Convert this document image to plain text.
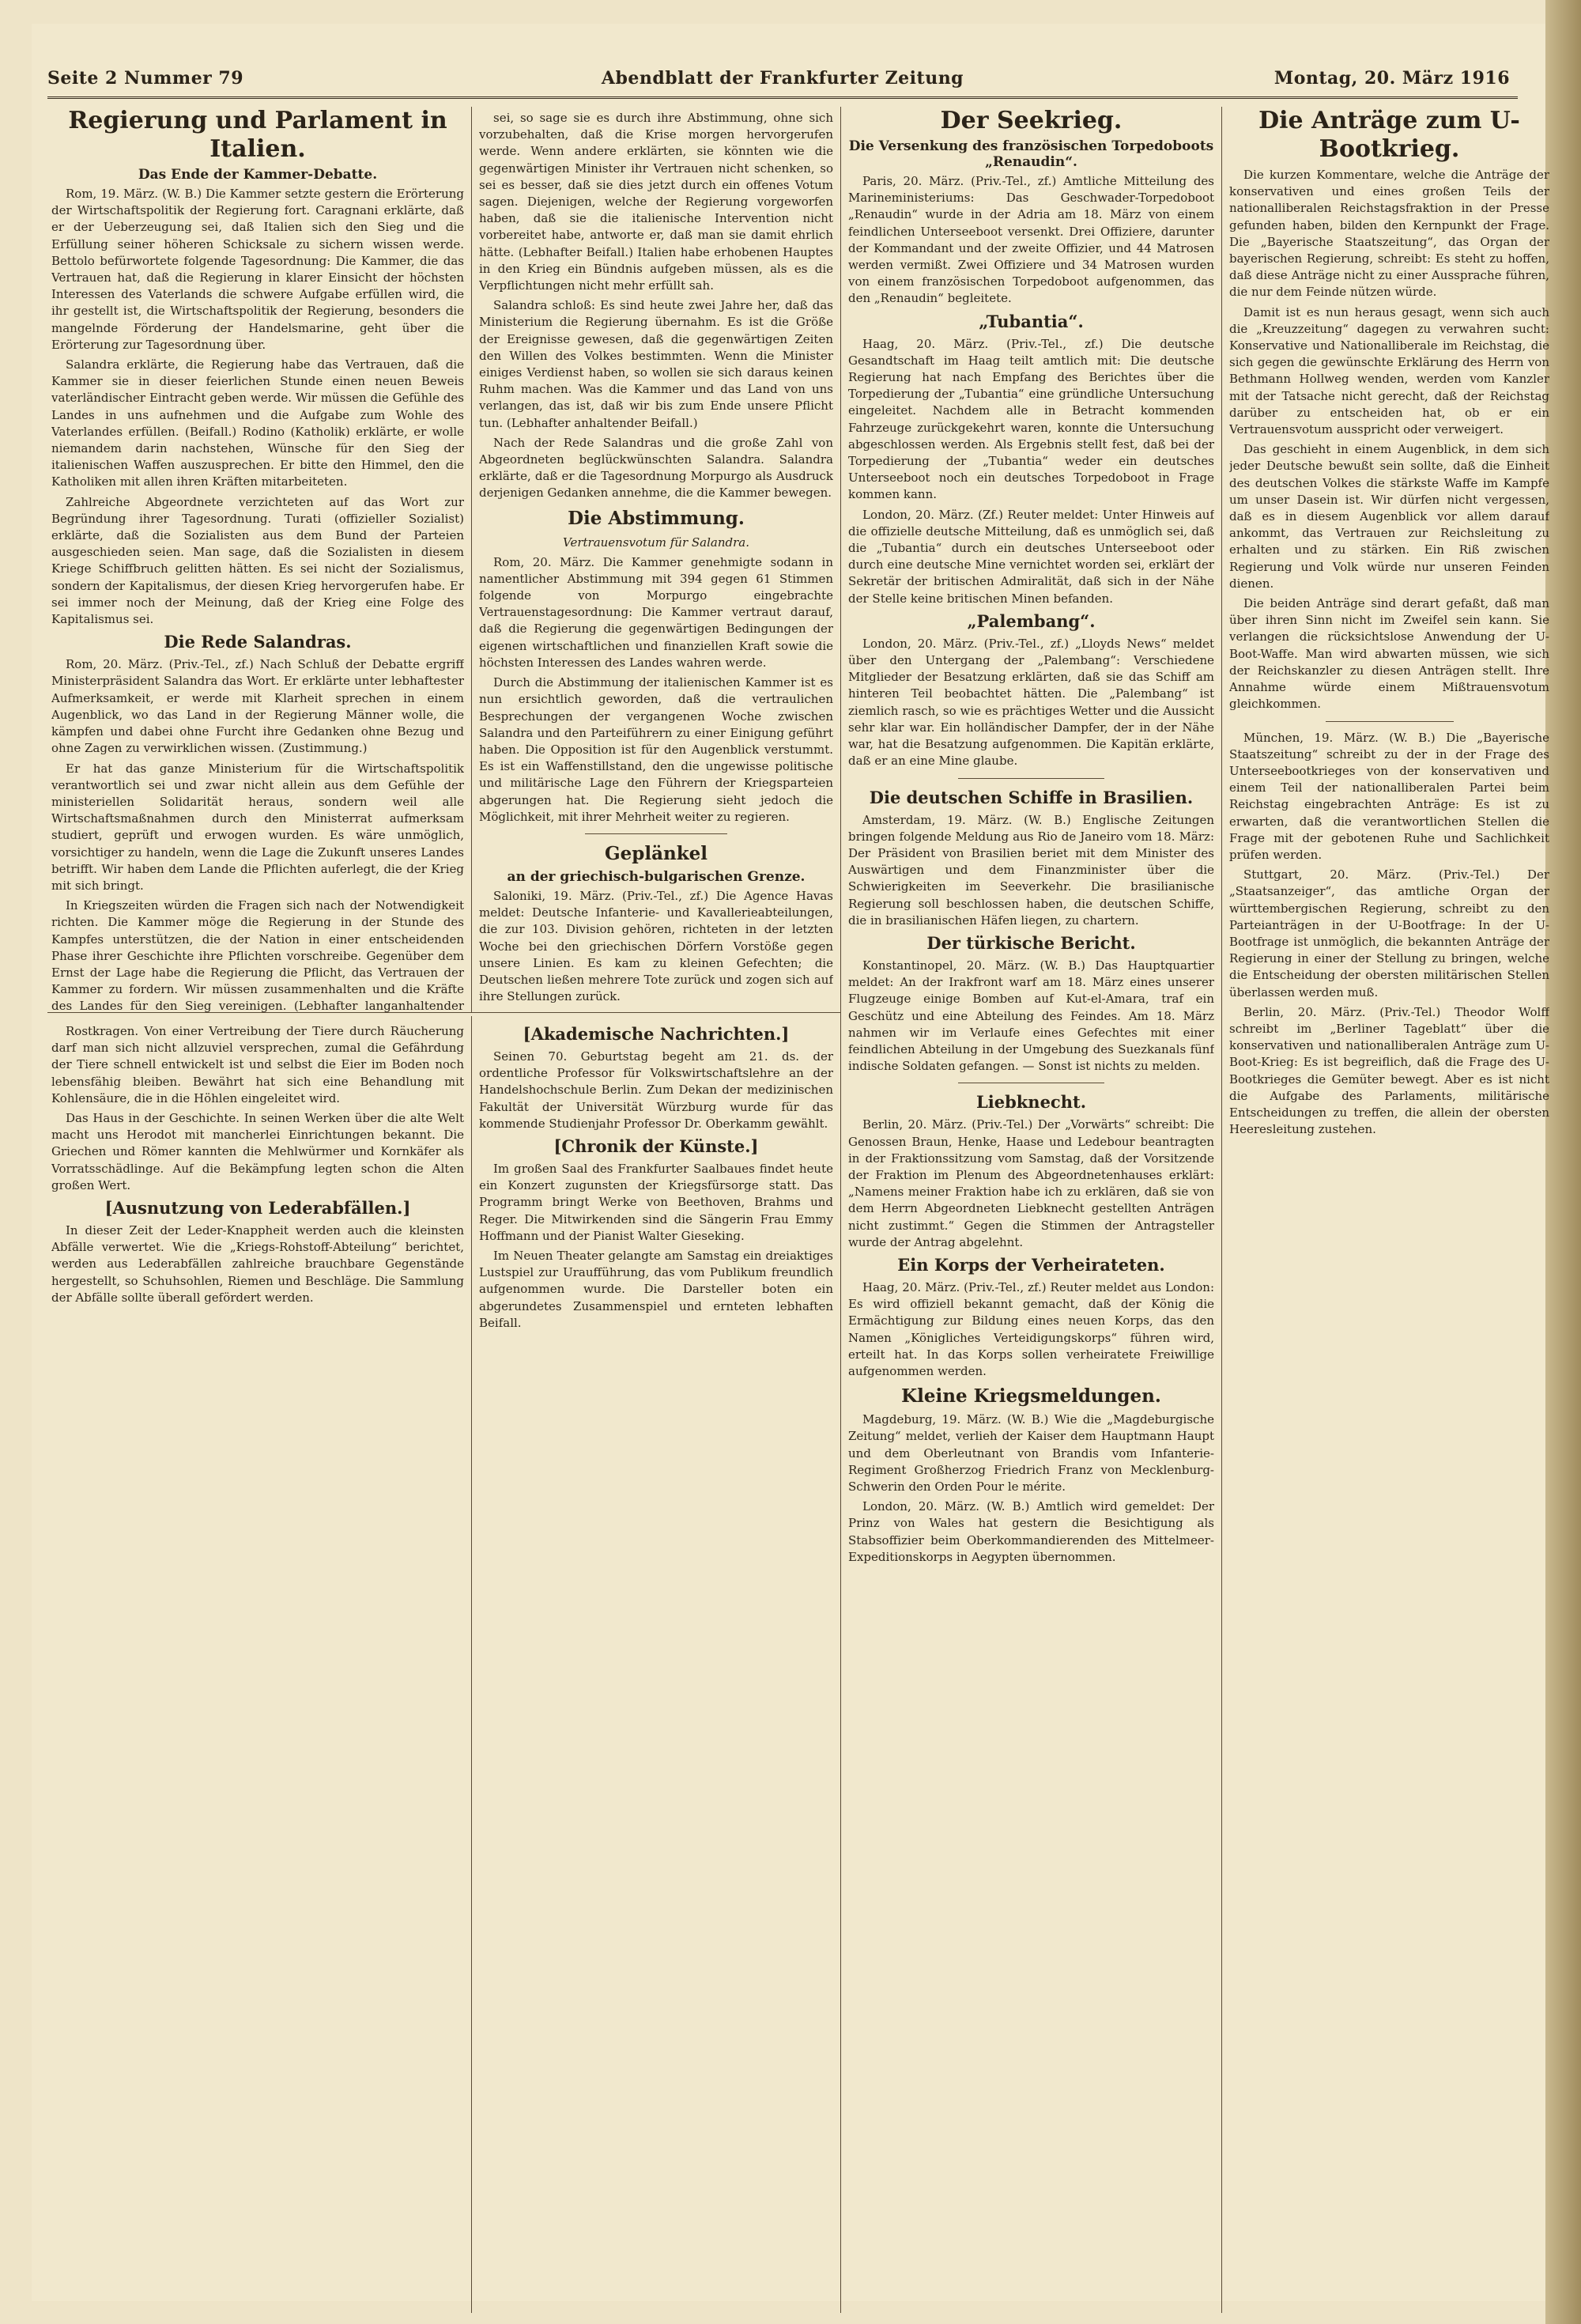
Seite 2 Nummer 79	Abendblatt der Frankfurter Zeitung	Montag, 20. März 1916
Regierung und Parlament in Italien.
Das Ende der Kammer-Debatte.

Rom, 19. März. (W. B.) Die Kammer setzte gestern die Erörterung der Wirtschaftspolitik der Regierung fort. Caragnani erklärte, daß er der Ueberzeugung sei, daß Italien sich den Sieg und die Erfüllung seiner höheren Schicksale zu sichern wissen werde. Bettolo befürwortete folgende Tagesordnung: Die Kammer, die das Vertrauen hat, daß die Regierung in klarer Einsicht der höchsten Interessen des Vaterlands die schwere Aufgabe erfüllen wird, die ihr gestellt ist, die Wirtschaftspolitik der Regierung, besonders die mangelnde Förderung der Handelsmarine, geht über die Erörterung zur Tagesordnung über.

Salandra erklärte, die Regierung habe das Vertrauen, daß die Kammer sie in dieser feierlichen Stunde einen neuen Beweis vaterländischer Eintracht geben werde. Wir müssen die Gefühle des Landes in uns aufnehmen und die Aufgabe zum Wohle des Vaterlandes erfüllen. (Beifall.) Rodino (Katholik) erklärte, er wolle niemandem darin nachstehen, Wünsche für den Sieg der italienischen Waffen auszusprechen. Er bitte den Himmel, den die Katholiken mit allen ihren Kräften mitarbeiteten.

Zahlreiche Abgeordnete verzichteten auf das Wort zur Begründung ihrer Tagesordnung. Turati (offizieller Sozialist) erklärte, daß die Sozialisten aus dem Bund der Parteien ausgeschieden seien. Man sage, daß die Sozialisten in diesem Kriege Schiffbruch gelitten hätten. Es sei nicht der Sozialismus, sondern der Kapitalismus, der diesen Krieg hervorgerufen habe. Er sei immer noch der Meinung, daß der Krieg eine Folge des Kapitalismus sei.

Die Rede Salandras.

Rom, 20. März. (Priv.-Tel., zf.) Nach Schluß der Debatte ergriff Ministerpräsident Salandra das Wort. Er erklärte unter lebhaftester Aufmerksamkeit, er werde mit Klarheit sprechen in einem Augenblick, wo das Land in der Regierung Männer wolle, die kämpfen und dabei ohne Furcht ihre Gedanken ohne Bezug und ohne Zagen zu verwirklichen wissen. (Zustimmung.)

Er hat das ganze Ministerium für die Wirtschaftspolitik verantwortlich sei und zwar nicht allein aus dem Gefühle der ministeriellen Solidarität heraus, sondern weil alle Wirtschaftsmaßnahmen durch den Ministerrat aufmerksam studiert, geprüft und erwogen wurden. Es wäre unmöglich, vorsichtiger zu handeln, wenn die Lage die Zukunft unseres Landes betrifft. Wir haben dem Lande die Pflichten auferlegt, die der Krieg mit sich bringt.

In Kriegszeiten würden die Fragen sich nach der Notwendigkeit richten. Die Kammer möge die Regierung in der Stunde des Kampfes unterstützen, die der Nation in einer entscheidenden Phase ihrer Geschichte ihre Pflichten vorschreibe. Gegenüber dem Ernst der Lage habe die Regierung die Pflicht, das Vertrauen der Kammer zu fordern. Wir müssen zusammenhalten und die Kräfte des Landes für den Sieg vereinigen. (Lebhafter langanhaltender

sei, so sage sie es durch ihre Abstimmung, ohne sich vorzubehalten, daß die Krise morgen hervorgerufen werde. Wenn andere erklärten, sie könnten wie die gegenwärtigen Minister ihr Vertrauen nicht schenken, so sei es besser, daß sie dies jetzt durch ein offenes Votum sagen. Diejenigen, welche der Regierung vorgeworfen haben, daß sie die italienische Intervention nicht vorbereitet habe, antworte er, daß man sie damit ehrlich hätte. (Lebhafter Beifall.) Italien habe erhobenen Hauptes in den Krieg ein Bündnis aufgeben müssen, als es die Verpflichtungen nicht mehr erfüllt sah.

Salandra schloß: Es sind heute zwei Jahre her, daß das Ministerium die Regierung übernahm. Es ist die Größe der Ereignisse gewesen, daß die gegenwärtigen Zeiten den Willen des Volkes bestimmten. Wenn die Minister einiges Verdienst haben, so wollen sie sich daraus keinen Ruhm machen. Was die Kammer und das Land von uns verlangen, das ist, daß wir bis zum Ende unsere Pflicht tun. (Lebhafter anhaltender Beifall.)

Nach der Rede Salandras und die große Zahl von Abgeordneten beglückwünschten Salandra. Salandra erklärte, daß er die Tagesordnung Morpurgo als Ausdruck derjenigen Gedanken annehme, die die Kammer bewegen.

Die Abstimmung.
Vertrauensvotum für Salandra.

Rom, 20. März. Die Kammer genehmigte sodann in namentlicher Abstimmung mit 394 gegen 61 Stimmen folgende von Morpurgo eingebrachte Vertrauenstagesordnung: Die Kammer vertraut darauf, daß die Regierung die gegenwärtigen Bedingungen der eigenen wirtschaftlichen und finanziellen Kraft sowie die höchsten Interessen des Landes wahren werde.

Durch die Abstimmung der italienischen Kammer ist es nun ersichtlich geworden, daß die vertraulichen Besprechungen der vergangenen Woche zwischen Salandra und den Parteiführern zu einer Einigung geführt haben. Die Opposition ist für den Augenblick verstummt. Es ist ein Waffenstillstand, den die ungewisse politische und militärische Lage den Führern der Kriegsparteien abgerungen hat. Die Regierung sieht jedoch die Möglichkeit, mit ihrer Mehrheit weiter zu regieren.

Geplänkel
an der griechisch-bulgarischen Grenze.

Saloniki, 19. März. (Priv.-Tel., zf.) Die Agence Havas meldet: Deutsche Infanterie- und Kavallerieabteilungen, die zur 103. Division gehören, richteten in der letzten Woche bei den griechischen Dörfern Vorstöße gegen unsere Linien. Es kam zu kleinen Gefechten; die Deutschen ließen mehrere Tote zurück und zogen sich auf ihre Stellungen zurück.

Der Seekrieg.
Die Versenkung des französischen Torpedoboots „Renaudin“.

Paris, 20. März. (Priv.-Tel., zf.) Amtliche Mitteilung des Marineministeriums: Das Geschwader-Torpedoboot „Renaudin“ wurde in der Adria am 18. März von einem feindlichen Unterseeboot versenkt. Drei Offiziere, darunter der Kommandant und der zweite Offizier, und 44 Matrosen werden vermißt. Zwei Offiziere und 34 Matrosen wurden von einem französischen Torpedoboot aufgenommen, das den „Renaudin“ begleitete.

„Tubantia“.

Haag, 20. März. (Priv.-Tel., zf.) Die deutsche Gesandtschaft im Haag teilt amtlich mit: Die deutsche Regierung hat nach Empfang des Berichtes über die Torpedierung der „Tubantia“ eine gründliche Untersuchung eingeleitet. Nachdem alle in Betracht kommenden Fahrzeuge zurückgekehrt waren, konnte die Untersuchung abgeschlossen werden. Als Ergebnis stellt fest, daß bei der Torpedierung der „Tubantia“ weder ein deutsches Unterseeboot noch ein deutsches Torpedoboot in Frage kommen kann.

London, 20. März. (Zf.) Reuter meldet: Unter Hinweis auf die offizielle deutsche Mitteilung, daß es unmöglich sei, daß die „Tubantia“ durch ein deutsches Unterseeboot oder durch eine deutsche Mine vernichtet worden sei, erklärt der Sekretär der britischen Admiralität, daß sich in der Nähe der Stelle keine britischen Minen befanden.

„Palembang“.

London, 20. März. (Priv.-Tel., zf.) „Lloyds News“ meldet über den Untergang der „Palembang“: Verschiedene Mitglieder der Besatzung erklärten, daß sie das Schiff am hinteren Teil beobachtet hätten. Die „Palembang“ ist ziemlich rasch, so wie es prächtiges Wetter und die Aussicht sehr klar war. Ein holländischer Dampfer, der in der Nähe war, hat die Besatzung aufgenommen. Die Kapitän erklärte, daß er an eine Mine glaube.

Die deutschen Schiffe in Brasilien.

Amsterdam, 19. März. (W. B.) Englische Zeitungen bringen folgende Meldung aus Rio de Janeiro vom 18. März: Der Präsident von Brasilien beriet mit dem Minister des Auswärtigen und dem Finanzminister über die Schwierigkeiten im Seeverkehr. Die brasilianische Regierung soll beschlossen haben, die deutschen Schiffe, die in brasilianischen Häfen liegen, zu chartern.

Der türkische Bericht.

Konstantinopel, 20. März. (W. B.) Das Hauptquartier meldet: An der Irakfront warf am 18. März eines unserer Flugzeuge einige Bomben auf Kut-el-Amara, traf ein Geschütz und eine Abteilung des Feindes. Am 18. März nahmen wir im Verlaufe eines Gefechtes mit einer feindlichen Abteilung in der Umgebung des Suezkanals fünf indische Soldaten gefangen. — Sonst ist nichts zu melden.

Liebknecht.

Berlin, 20. März. (Priv.-Tel.) Der „Vorwärts“ schreibt: Die Genossen Braun, Henke, Haase und Ledebour beantragten in der Fraktionssitzung vom Samstag, daß der Vorsitzende der Fraktion im Plenum des Abgeordnetenhauses erklärt: „Namens meiner Fraktion habe ich zu erklären, daß sie von dem Herrn Abgeordneten Liebknecht gestellten Anträgen nicht zustimmt.“ Gegen die Stimmen der Antragsteller wurde der Antrag abgelehnt.

Ein Korps der Verheirateten.

Haag, 20. März. (Priv.-Tel., zf.) Reuter meldet aus London: Es wird offiziell bekannt gemacht, daß der König die Ermächtigung zur Bildung eines neuen Korps, das den Namen „Königliches Verteidigungskorps“ führen wird, erteilt hat. In das Korps sollen verheiratete Freiwillige aufgenommen werden.

Kleine Kriegsmeldungen.

Magdeburg, 19. März. (W. B.) Wie die „Magdeburgische Zeitung“ meldet, verlieh der Kaiser dem Hauptmann Haupt und dem Oberleutnant von Brandis vom Infanterie-Regiment Großherzog Friedrich Franz von Mecklenburg-Schwerin den Orden Pour le mérite.

London, 20. März. (W. B.) Amtlich wird gemeldet: Der Prinz von Wales hat gestern die Besichtigung als Stabsoffizier beim Oberkommandierenden des Mittelmeer-Expeditionskorps in Aegypten übernommen.

Die Anträge zum U-Bootkrieg.

Die kurzen Kommentare, welche die Anträge der konservativen und eines großen Teils der nationalliberalen Reichstagsfraktion in der Presse gefunden haben, bilden den Kernpunkt der Frage. Die „Bayerische Staatszeitung“, das Organ der bayerischen Regierung, schreibt: Es steht zu hoffen, daß diese Anträge nicht zu einer Aussprache führen, die nur dem Feinde nützen würde.

Damit ist es nun heraus gesagt, wenn sich auch die „Kreuzzeitung“ dagegen zu verwahren sucht: Konservative und Nationalliberale im Reichstag, die sich gegen die gewünschte Erklärung des Herrn von Bethmann Hollweg wenden, werden vom Kanzler mit der Tatsache nicht gerecht, daß der Reichstag darüber zu entscheiden hat, ob er ein Vertrauensvotum ausspricht oder verweigert.

Das geschieht in einem Augenblick, in dem sich jeder Deutsche bewußt sein sollte, daß die Einheit des deutschen Volkes die stärkste Waffe im Kampfe um unser Dasein ist. Wir dürfen nicht vergessen, daß es in diesem Augenblick vor allem darauf ankommt, das Vertrauen zur Reichsleitung zu erhalten und zu stärken. Ein Riß zwischen Regierung und Volk würde nur unseren Feinden dienen.

Die beiden Anträge sind derart gefaßt, daß man über ihren Sinn nicht im Zweifel sein kann. Sie verlangen die rücksichtslose Anwendung der U-Boot-Waffe. Man wird abwarten müssen, wie sich der Reichskanzler zu diesen Anträgen stellt. Ihre Annahme würde einem Mißtrauensvotum gleichkommen.

München, 19. März. (W. B.) Die „Bayerische Staatszeitung“ schreibt zu der in der Frage des Unterseebootkrieges von der konservativen und einem Teil der nationalliberalen Partei beim Reichstag eingebrachten Anträge: Es ist zu erwarten, daß die verantwortlichen Stellen die Frage mit der gebotenen Ruhe und Sachlichkeit prüfen werden.

Stuttgart, 20. März. (Priv.-Tel.) Der „Staatsanzeiger“, das amtliche Organ der württembergischen Regierung, schreibt zu den Parteianträgen in der U-Bootfrage: In der U-Bootfrage ist unmöglich, die bekannten Anträge der Regierung in einer der Stellung zu bringen, welche die Entscheidung der obersten militärischen Stellen überlassen werden muß.

Berlin, 20. März. (Priv.-Tel.) Theodor Wolff schreibt im „Berliner Tageblatt“ über die konservativen und nationalliberalen Anträge zum U-Boot-Krieg: Es ist begreiflich, daß die Frage des U-Bootkrieges die Gemüter bewegt. Aber es ist nicht die Aufgabe des Parlaments, militärische Entscheidungen zu treffen, die allein der obersten Heeresleitung zustehen.

Rostkragen. Von einer Vertreibung der Tiere durch Räucherung darf man sich nicht allzuviel versprechen, zumal die Gefährdung der Tiere schnell entwickelt ist und selbst die Eier im Boden noch lebensfähig bleiben. Bewährt hat sich eine Behandlung mit Kohlensäure, die in die Höhlen eingeleitet wird.

Das Haus in der Geschichte. In seinen Werken über die alte Welt macht uns Herodot mit mancherlei Einrichtungen bekannt. Die Griechen und Römer kannten die Mehlwürmer und Kornkäfer als Vorratsschädlinge. Auf die Bekämpfung legten schon die Alten großen Wert.

[Ausnutzung von Lederabfällen.]

In dieser Zeit der Leder-Knappheit werden auch die kleinsten Abfälle verwertet. Wie die „Kriegs-Rohstoff-Abteilung“ berichtet, werden aus Lederabfällen zahlreiche brauchbare Gegenstände hergestellt, so Schuhsohlen, Riemen und Beschläge. Die Sammlung der Abfälle sollte überall gefördert werden.

[Akademische Nachrichten.]

Seinen 70. Geburtstag begeht am 21. ds. der ordentliche Professor für Volkswirtschaftslehre an der Handelshochschule Berlin. Zum Dekan der medizinischen Fakultät der Universität Würzburg wurde für das kommende Studienjahr Professor Dr. Oberkamm gewählt.

[Chronik der Künste.]

Im großen Saal des Frankfurter Saalbaues findet heute ein Konzert zugunsten der Kriegsfürsorge statt. Das Programm bringt Werke von Beethoven, Brahms und Reger. Die Mitwirkenden sind die Sängerin Frau Emmy Hoffmann und der Pianist Walter Gieseking.

Im Neuen Theater gelangte am Samstag ein dreiaktiges Lustspiel zur Uraufführung, das vom Publikum freundlich aufgenommen wurde. Die Darsteller boten ein abgerundetes Zusammenspiel und ernteten lebhaften Beifall.
